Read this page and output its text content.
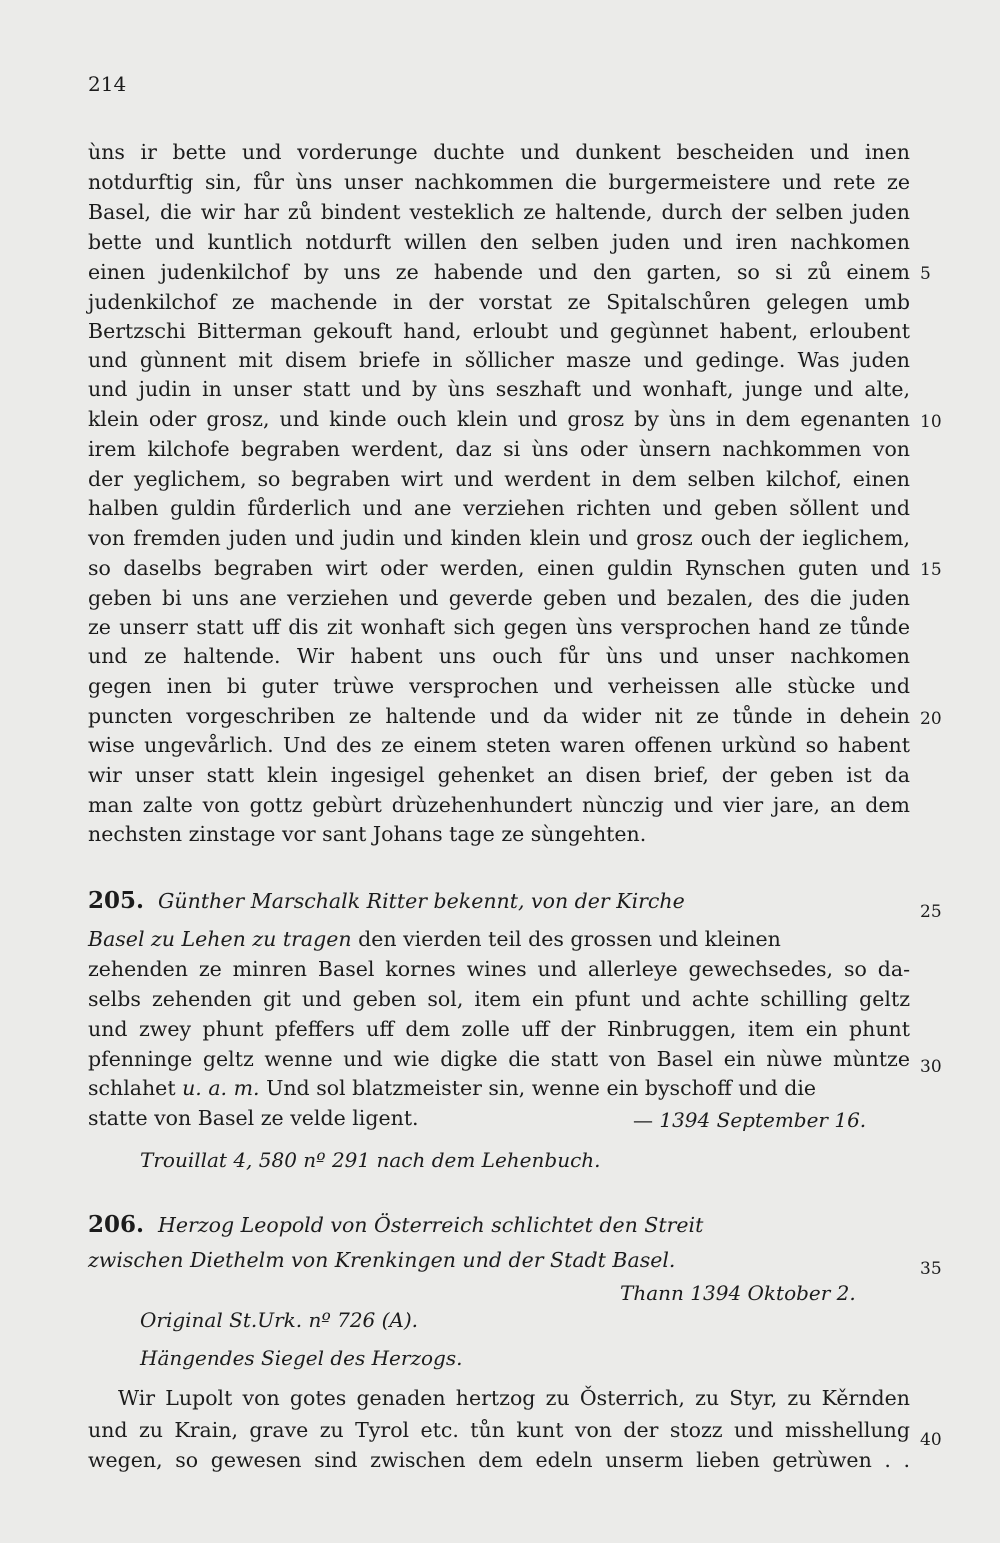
214
ùns ir bette und vorderunge duchte und dunkent bescheiden und inen
notdurftig sin, fůr ùns unser nachkommen die burgermeistere und rete ze
Basel, die wir har zů bindent vesteklich ze haltende, durch der selben juden
bette und kuntlich notdurft willen den selben juden und iren nachkomen
einen judenkilchof by uns ze habende und den garten, so si zů einem
judenkilchof ze machende in der vorstat ze Spitalschůren gelegen umb
Bertzschi Bitterman gekouft hand, erloubt und gegùnnet habent, erloubent
und gùnnent mit disem briefe in sǒllicher masze und gedinge. Was juden
und judin in unser statt und by ùns seszhaft und wonhaft, junge und alte,
klein oder grosz, und kinde ouch klein und grosz by ùns in dem egenanten
irem kilchofe begraben werdent, daz si ùns oder ùnsern nachkommen von
der yeglichem, so begraben wirt und werdent in dem selben kilchof, einen
halben guldin fůrderlich und ane verziehen richten und geben sǒllent und
von fremden juden und judin und kinden klein und grosz ouch der ieglichem,
so daselbs begraben wirt oder werden, einen guldin Rynschen guten und
geben bi uns ane verziehen und geverde geben und bezalen, des die juden
ze unserr statt uff dis zit wonhaft sich gegen ùns versprochen hand ze tůnde
und ze haltende. Wir habent uns ouch fůr ùns und unser nachkomen
gegen inen bi guter trùwe versprochen und verheissen alle stùcke und
puncten vorgeschriben ze haltende und da wider nit ze tůnde in dehein
wise ungevårlich. Und des ze einem steten waren offenen urkùnd so habent
wir unser statt klein ingesigel gehenket an disen brief, der geben ist da
man zalte von gottz gebùrt drùzehenhundert nùnczig und vier jare, an dem
nechsten zinstage vor sant Johans tage ze sùngehten.
205. Günther Marschalk Ritter bekennt, von der Kirche
Basel zu Lehen zu tragen den vierden teil des grossen und kleinen
zehenden ze minren Basel kornes wines und allerleye gewechsedes, so da-
selbs zehenden git und geben sol, item ein pfunt und achte schilling geltz
und zwey phunt pfeffers uff dem zolle uff der Rinbruggen, item ein phunt
pfenninge geltz wenne und wie digke die statt von Basel ein nùwe mùntze
schlahet u. a. m. Und sol blatzmeister sin, wenne ein byschoff und die
statte von Basel ze velde ligent.	— 1394 September 16.
Trouillat 4, 580 nº 291 nach dem Lehenbuch.
206. Herzog Leopold von Österreich schlichtet den Streit
zwischen Diethelm von Krenkingen und der Stadt Basel.
Thann 1394 Oktober 2.
Original St.Urk. nº 726 (A).
Hängendes Siegel des Herzogs.
Wir Lupolt von gotes genaden hertzog zu Ǒsterrich, zu Styr, zu Kěrnden
und zu Krain, grave zu Tyrol etc. tůn kunt von der stozz und misshellung
wegen, so gewesen sind zwischen dem edeln unserm lieben getrùwen . .
5
10
15
20
25
30
35
40
